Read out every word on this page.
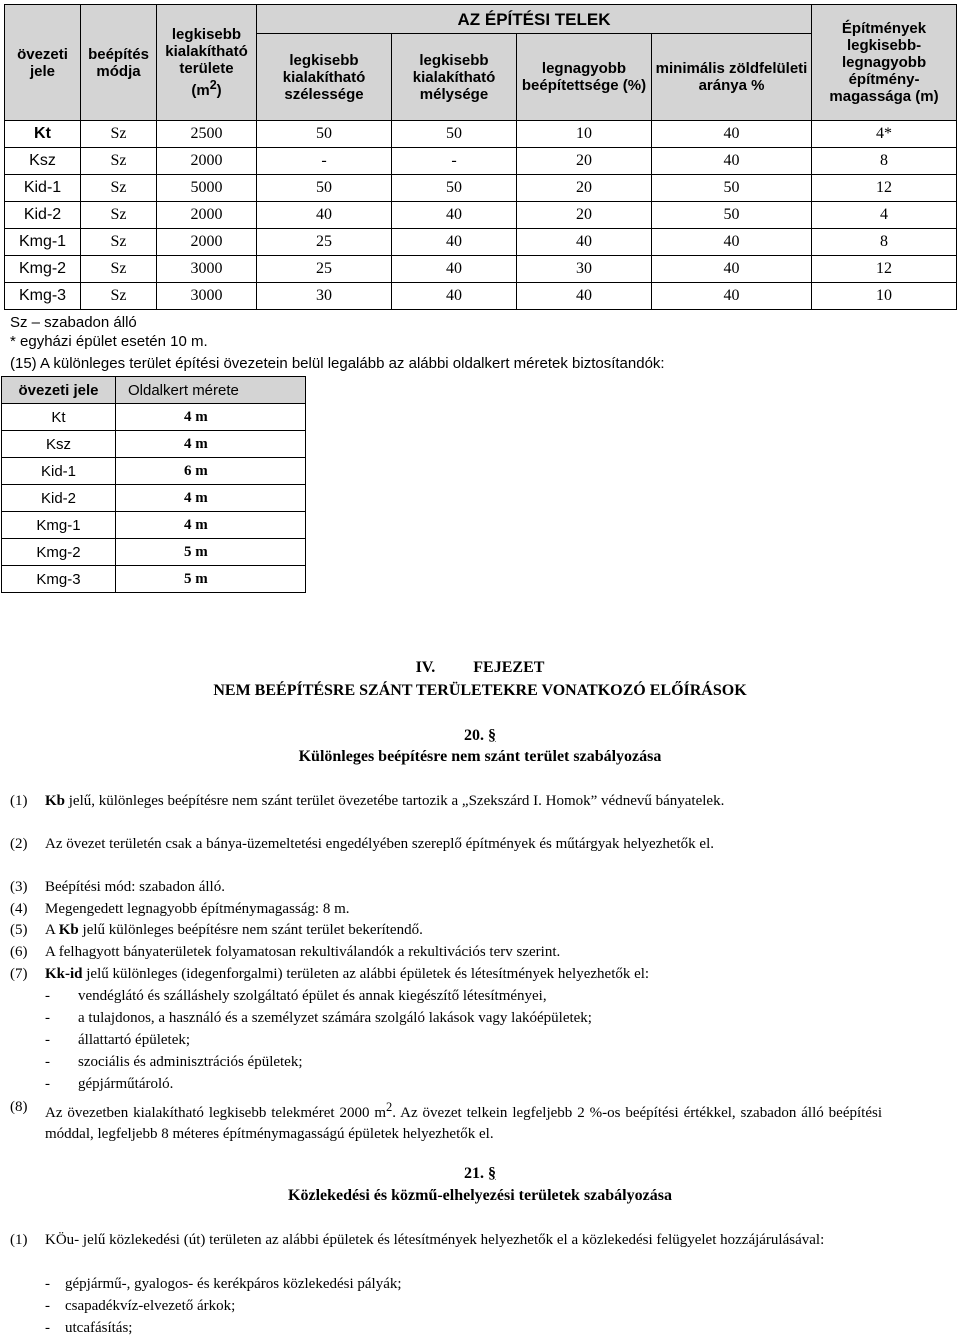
övezeti jele	beépítés módja	legkisebb kialakítható területe
$(m^2)$	AZ ÉPÍTÉSI TELEK				Építmények legkisebb-legnagyobb építmény-magassága (m)
			legkisebb kialakítható szélessége	legkisebb kialakítható mélysége	legnagyobb beépítettsége (%)	minimális zöldfelületi aránya %	
Kt	Sz	2500	50	50	10	40	4*
Ksz	Sz	2000	-	-	20	40	8
Kid-1	Sz	5000	50	50	20	50	12
Kid-2	Sz	2000	40	40	20	50	4
Kmg-1	Sz	2000	25	40	40	40	8
Kmg-2	Sz	3000	25	40	30	40	12
Kmg-3	Sz	3000	30	40	40	40	10
Sz – szabadon álló
* egyházi épület esetén 10 m.
(15) A különleges terület építési övezetein belül legalább az alábbi oldalkert méretek biztosítandók:
övezeti jele	Oldalkert mérete
Kt	4 m
Ksz	4 m
Kid-1	6 m
Kid-2	4 m
Kmg-1	4 m
Kmg-2	5 m
Kmg-3	5 m
IV. FEJEZET
NEM BEÉPÍTÉSRE SZÁNT TERÜLETEKRE VONATKOZÓ ELŐÍRÁSOK
20. §
Különleges beépítésre nem szánt terület szabályozása
(1) Kb jelű, különleges beépítésre nem szánt terület övezetébe tartozik a „Szekszárd I. Homok” védnevű bányatelek.
(2) Az övezet területén csak a bánya-üzemeltetési engedélyében szereplő építmények és műtárgyak helyezhetők el.
(3) Beépítési mód: szabadon álló.
(4) Megengedett legnagyobb építménymagasság: 8 m.
(5) A Kb jelű különleges beépítésre nem szánt terület bekerítendő.
(6) A felhagyott bányaterületek folyamatosan rekultiválandók a rekultivációs terv szerint.
(7) Kk-id jelű különleges (idegenforgalmi) területen az alábbi épületek és létesítmények helyezhetők el:
- vendéglátó és szálláshely szolgáltató épület és annak kiegészítő létesítményei,
- a tulajdonos, a használó és a személyzet számára szolgáló lakások vagy lakóépületek;
- állattartó épületek;
- szociális és adminisztrációs épületek;
- gépjárműtároló.
(8) Az övezetben kialakítható legkisebb telekméret 2000 $m^2$. Az övezet telkein legfeljebb 2 %-os beépítési értékkel, szabadon álló beépítési móddal, legfeljebb 8 méteres építménymagasságú épületek helyezhetők el.
21. §
Közlekedési és közmű-elhelyezési területek szabályozása
(1) KÖu- jelű közlekedési (út) területen az alábbi épületek és létesítmények helyezhetők el a közlekedési felügyelet hozzájárulásával:
- gépjármű-, gyalogos- és kerékpáros közlekedési pályák;
- csapadékvíz-elvezető árkok;
- utcafásítás;
